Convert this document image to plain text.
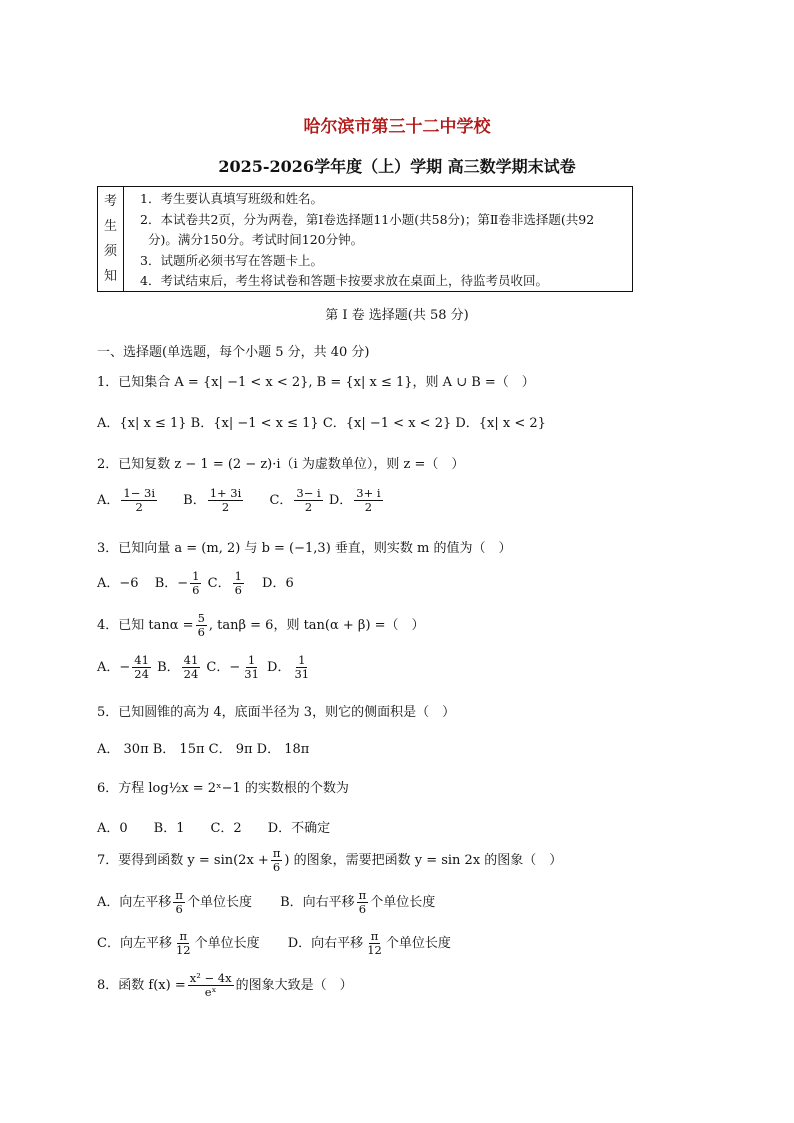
哈尔滨市第三十二中学校
2025-2026学年度（上）学期 高三数学期末试卷
考
生
须
知
1．考生要认真填写班级和姓名。
2．本试卷共2页，分为两卷，第Ⅰ卷选择题11小题(共58分)；第Ⅱ卷非选择题(共92
分)。满分150分。考试时间120分钟。
3．试题所必须书写在答题卡上。
4．考试结束后，考生将试卷和答题卡按要求放在桌面上，待监考员收回。
第 I 卷 选择题(共 58 分)
一、选择题(单选题，每个小题 5 分，共 40 分)
1．已知集合 A = {x| −1 < x < 2}, B = {x| x ≤ 1}，则 A ∪ B =（　）
A．{x| x ≤ 1} B．{x| −1 < x ≤ 1} C．{x| −1 < x < 2} D．{x| x < 2}
2．已知复数 z − 1 = (2 − z)·i（i 为虚数单位），则 z =（　）
A． $\frac{1- 3i}{2}$ B． $\frac{1+ 3i}{2}$ C． $\frac{3- i}{2}$ D． $\frac{3+ i}{2}$
3．已知向量 a = (m, 2) 与 b = (−1,3) 垂直，则实数 m 的值为（　）
A．−6 B．− $\frac{1}{6}$ C． $\frac{1}{6}$ D．6
4．已知 $\tan\alpha = \frac{5}{6}$ , tanβ = 6，则 tan(α + β) =（　）
A．− $\frac{41}{24}$ B． $\frac{41}{24}$ C．− $\frac{1}{31}$ D． $\frac{1}{31}$
5．已知圆锥的高为 4，底面半径为 3，则它的侧面积是（　）
A． 30π B． 15π C． 9π D． 18π
6．方程 log½x = 2ˣ−1 的实数根的个数为
A．0　　B．1　　C．2　　D．不确定
7．要得到函数 $y = \sin(2x + \frac{\pi}{6}$ ) 的图象，需要把函数 y = sin 2x 的图象（　）
A．向左平移 $\frac{\pi}{6}$ 个单位长度 B．向右平移 $\frac{\pi}{6}$ 个单位长度
C．向左平移 $\frac{\pi}{12}$ 个单位长度 D．向右平移 $\frac{\pi}{12}$ 个单位长度
8．函数 $f(x) = \frac{\text{x² − 4x}}{\text{eˣ}}$ 的图象大致是（　）
